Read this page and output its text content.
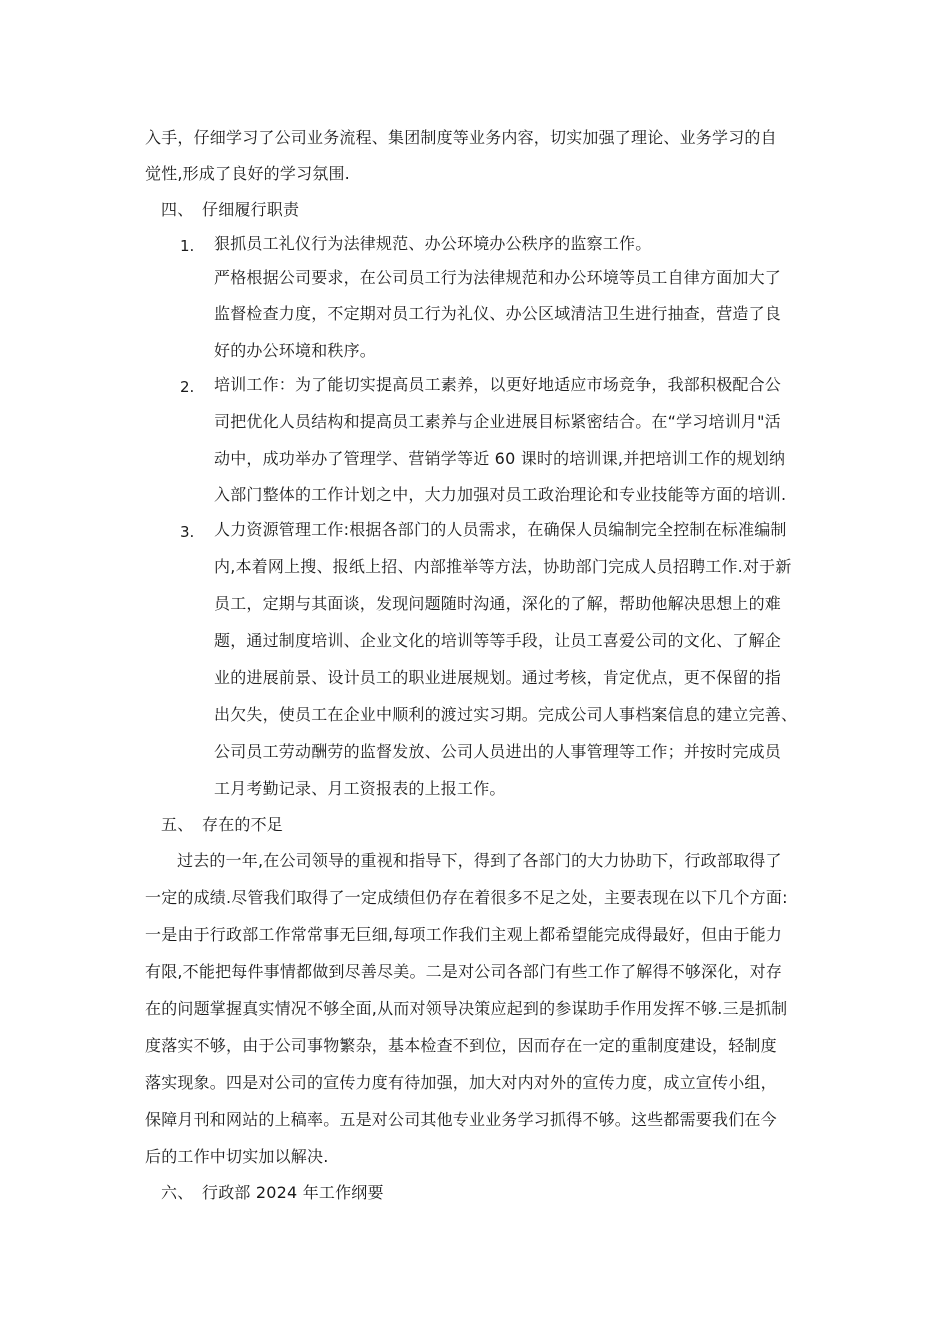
入手，仔细学习了公司业务流程、集团制度等业务内容，切实加强了理论、业务学习的自
觉性,形成了良好的学习氛围.
四、 仔细履行职责
1. 狠抓员工礼仪行为法律规范、办公环境办公秩序的监察工作。
严格根据公司要求，在公司员工行为法律规范和办公环境等员工自律方面加大了
监督检查力度，不定期对员工行为礼仪、办公区域清洁卫生进行抽查，营造了良
好的办公环境和秩序。
2. 培训工作：为了能切实提高员工素养，以更好地适应市场竞争，我部积极配合公
司把优化人员结构和提高员工素养与企业进展目标紧密结合。在“学习培训月"活
动中，成功举办了管理学、营销学等近 60 课时的培训课,并把培训工作的规划纳
入部门整体的工作计划之中，大力加强对员工政治理论和专业技能等方面的培训.
3. 人力资源管理工作:根据各部门的人员需求，在确保人员编制完全控制在标准编制
内,本着网上搜、报纸上招、内部推举等方法，协助部门完成人员招聘工作.对于新
员工，定期与其面谈，发现问题随时沟通，深化的了解，帮助他解决思想上的难
题，通过制度培训、企业文化的培训等等手段，让员工喜爱公司的文化、了解企
业的进展前景、设计员工的职业进展规划。通过考核，肯定优点，更不保留的指
出欠失，使员工在企业中顺利的渡过实习期。完成公司人事档案信息的建立完善、
公司员工劳动酬劳的监督发放、公司人员进出的人事管理等工作；并按时完成员
工月考勤记录、月工资报表的上报工作。
五、 存在的不足
过去的一年,在公司领导的重视和指导下，得到了各部门的大力协助下，行政部取得了
一定的成绩.尽管我们取得了一定成绩但仍存在着很多不足之处，主要表现在以下几个方面:
一是由于行政部工作常常事无巨细,每项工作我们主观上都希望能完成得最好，但由于能力
有限,不能把每件事情都做到尽善尽美。二是对公司各部门有些工作了解得不够深化，对存
在的问题掌握真实情况不够全面,从而对领导决策应起到的参谋助手作用发挥不够.三是抓制
度落实不够，由于公司事物繁杂，基本检查不到位，因而存在一定的重制度建设，轻制度
落实现象。四是对公司的宣传力度有待加强，加大对内对外的宣传力度，成立宣传小组，
保障月刊和网站的上稿率。五是对公司其他专业业务学习抓得不够。这些都需要我们在今
后的工作中切实加以解决.
六、 行政部 2024 年工作纲要
